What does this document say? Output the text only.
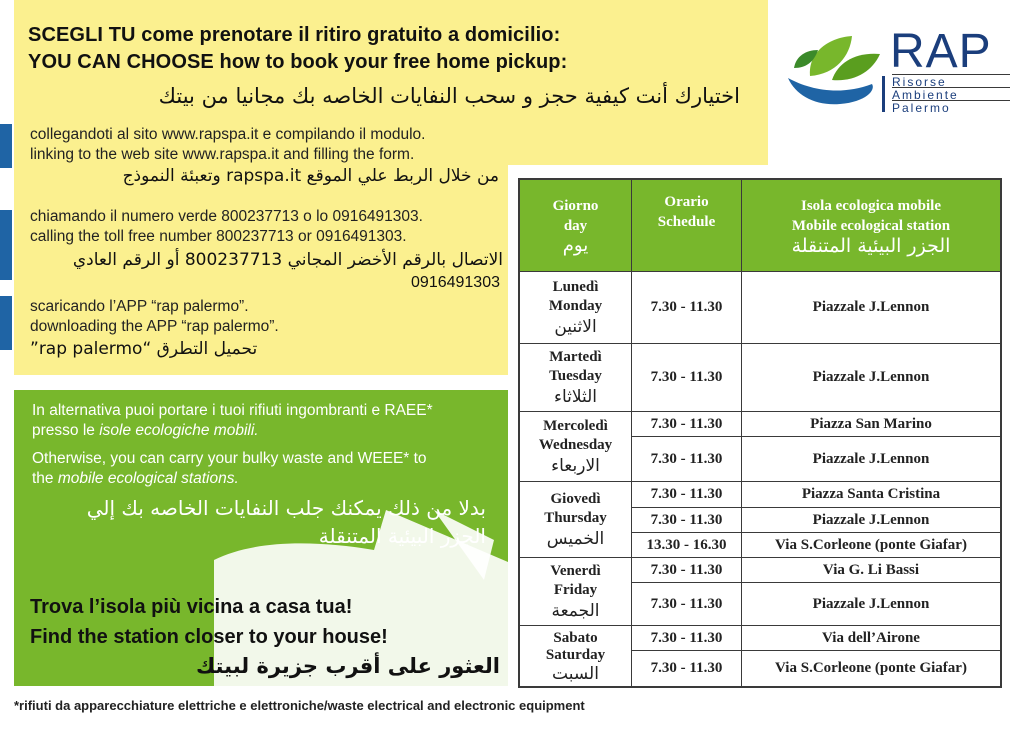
SCEGLI TU come prenotare il ritiro gratuito a domicilio:
YOU CAN CHOOSE how to book your free home pickup:
اختيارك أنت كيفية حجز و سحب النفايات الخاصه بك مجانيا من بيتك
collegandoti al sito www.rapspa.it e compilando il modulo.
linking to the web site www.rapspa.it and filling the form.
من خلال الربط علي الموقع rapspa.it وتعبئة النموذج
chiamando il numero verde 800237713 o lo 0916491303.
calling the toll free number 800237713 or 0916491303.
الاتصال بالرقم الأخضر المجاني 800237713 أو الرقم العادي
0916491303
scaricando l’APP “rap palermo”.
downloading the APP “rap palermo”.
تحميل التطرق “rap palermo”
RAP
Risorse
Ambiente
Palermo
In alternativa puoi portare i tuoi rifiuti ingombranti e RAEE*
presso le isole ecologiche mobili.
Otherwise, you can carry your bulky waste and WEEE* to
the mobile ecological stations.
بدلا من ذلك يمكنك جلب النفايات الخاصه بك إلي
الجزر البيئية المتنقلة
Trova l’isola più vicina a casa tua!
Find the station closer to your house!
العثور على أقرب جزيرة لبيتك
Giorno
day
يوم
Orario
Schedule
Isola ecologica mobile
Mobile ecological station
الجزر البيئية المتنقلة
Lunedì
Monday
الاثنين
7.30 - 11.30	Piazzale J.Lennon
Martedì
Tuesday
الثلاثاء
7.30 - 11.30	Piazzale J.Lennon
Mercoledì
Wednesday
الاربعاء
7.30 - 11.30
7.30 - 11.30
Piazza San Marino
Piazzale J.Lennon
Giovedì
Thursday
الخميس
7.30 - 11.30
7.30 - 11.30
13.30 - 16.30
Piazza Santa Cristina
Piazzale J.Lennon
Via S.Corleone (ponte Giafar)
Venerdì
Friday
الجمعة
7.30 - 11.30
7.30 - 11.30
Via G. Li Bassi
Piazzale J.Lennon
Sabato
Saturday
السبت
7.30 - 11.30
7.30 - 11.30
Via dell’Airone
Via S.Corleone (ponte Giafar)
*rifiuti da apparecchiature elettriche e elettroniche/waste electrical and electronic equipment
